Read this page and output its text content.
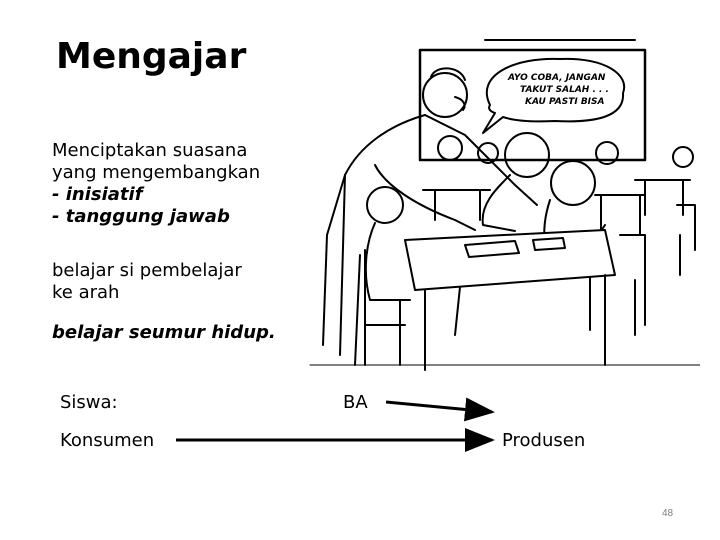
Mengajar
Menciptakan suasana
yang mengembangkan
- inisiatif
- tanggung jawab
belajar si pembelajar ke arah
belajar seumur hidup.
Siswa:	BA
Konsumen	Produsen
AYO COBA, JANGAN
TAKUT SALAH . . .
KAU PASTI BISA
48
